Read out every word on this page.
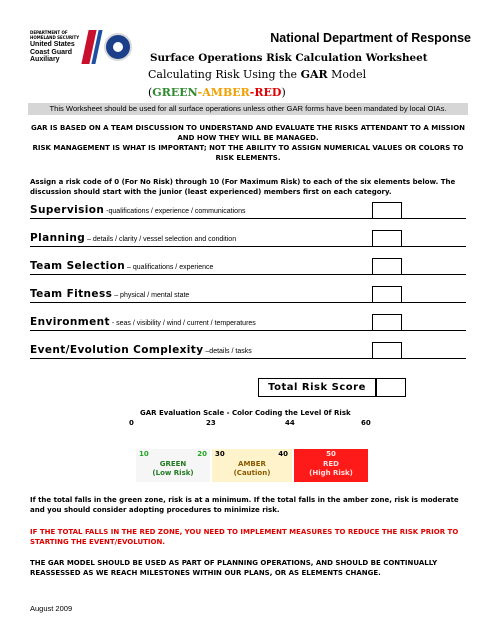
DEPARTMENT OF HOMELAND SECURITY
United States
Coast Guard
Auxiliary
National Department of Response
Surface Operations Risk Calculation Worksheet
Calculating Risk Using the GAR Model
(GREEN-AMBER-RED)
This Worksheet should be used for all surface operations unless other GAR forms have been mandated by local OIAs.
GAR IS BASED ON A TEAM DISCUSSION TO UNDERSTAND AND EVALUATE THE RISKS ATTENDANT TO A MISSION AND HOW THEY WILL BE MANAGED.
RISK MANAGEMENT IS WHAT IS IMPORTANT; NOT THE ABILITY TO ASSIGN NUMERICAL VALUES OR COLORS TO RISK ELEMENTS.
Assign a risk code of 0 (For No Risk) through 10 (For Maximum Risk) to each of the six elements below. The discussion should start with the junior (least experienced) members first on each category.
Supervision -qualifications / experience / communications
Planning – details / clarity / vessel selection and condition
Team Selection – qualifications / experience
Team Fitness – physical / mental state
Environment - seas / visibility / wind / current / temperatures
Event/Evolution Complexity –details / tasks
Total Risk Score
GAR Evaluation Scale - Color Coding the Level 0f Risk
0	23	44	60
10	20
GREEN
(Low Risk)
30	40
AMBER
(Caution)
50
RED
(High Risk)
If the total falls in the green zone, risk is at a minimum. If the total falls in the amber zone, risk is moderate and you should consider adopting procedures to minimize risk.
IF THE TOTAL FALLS IN THE RED ZONE, YOU NEED TO IMPLEMENT MEASURES TO REDUCE THE RISK PRIOR TO STARTING THE EVENT/EVOLUTION.
THE GAR MODEL SHOULD BE USED AS PART OF PLANNING OPERATIONS, AND SHOULD BE CONTINUALLY REASSESSED AS WE REACH MILESTONES WITHIN OUR PLANS, OR AS ELEMENTS CHANGE.
August 2009
